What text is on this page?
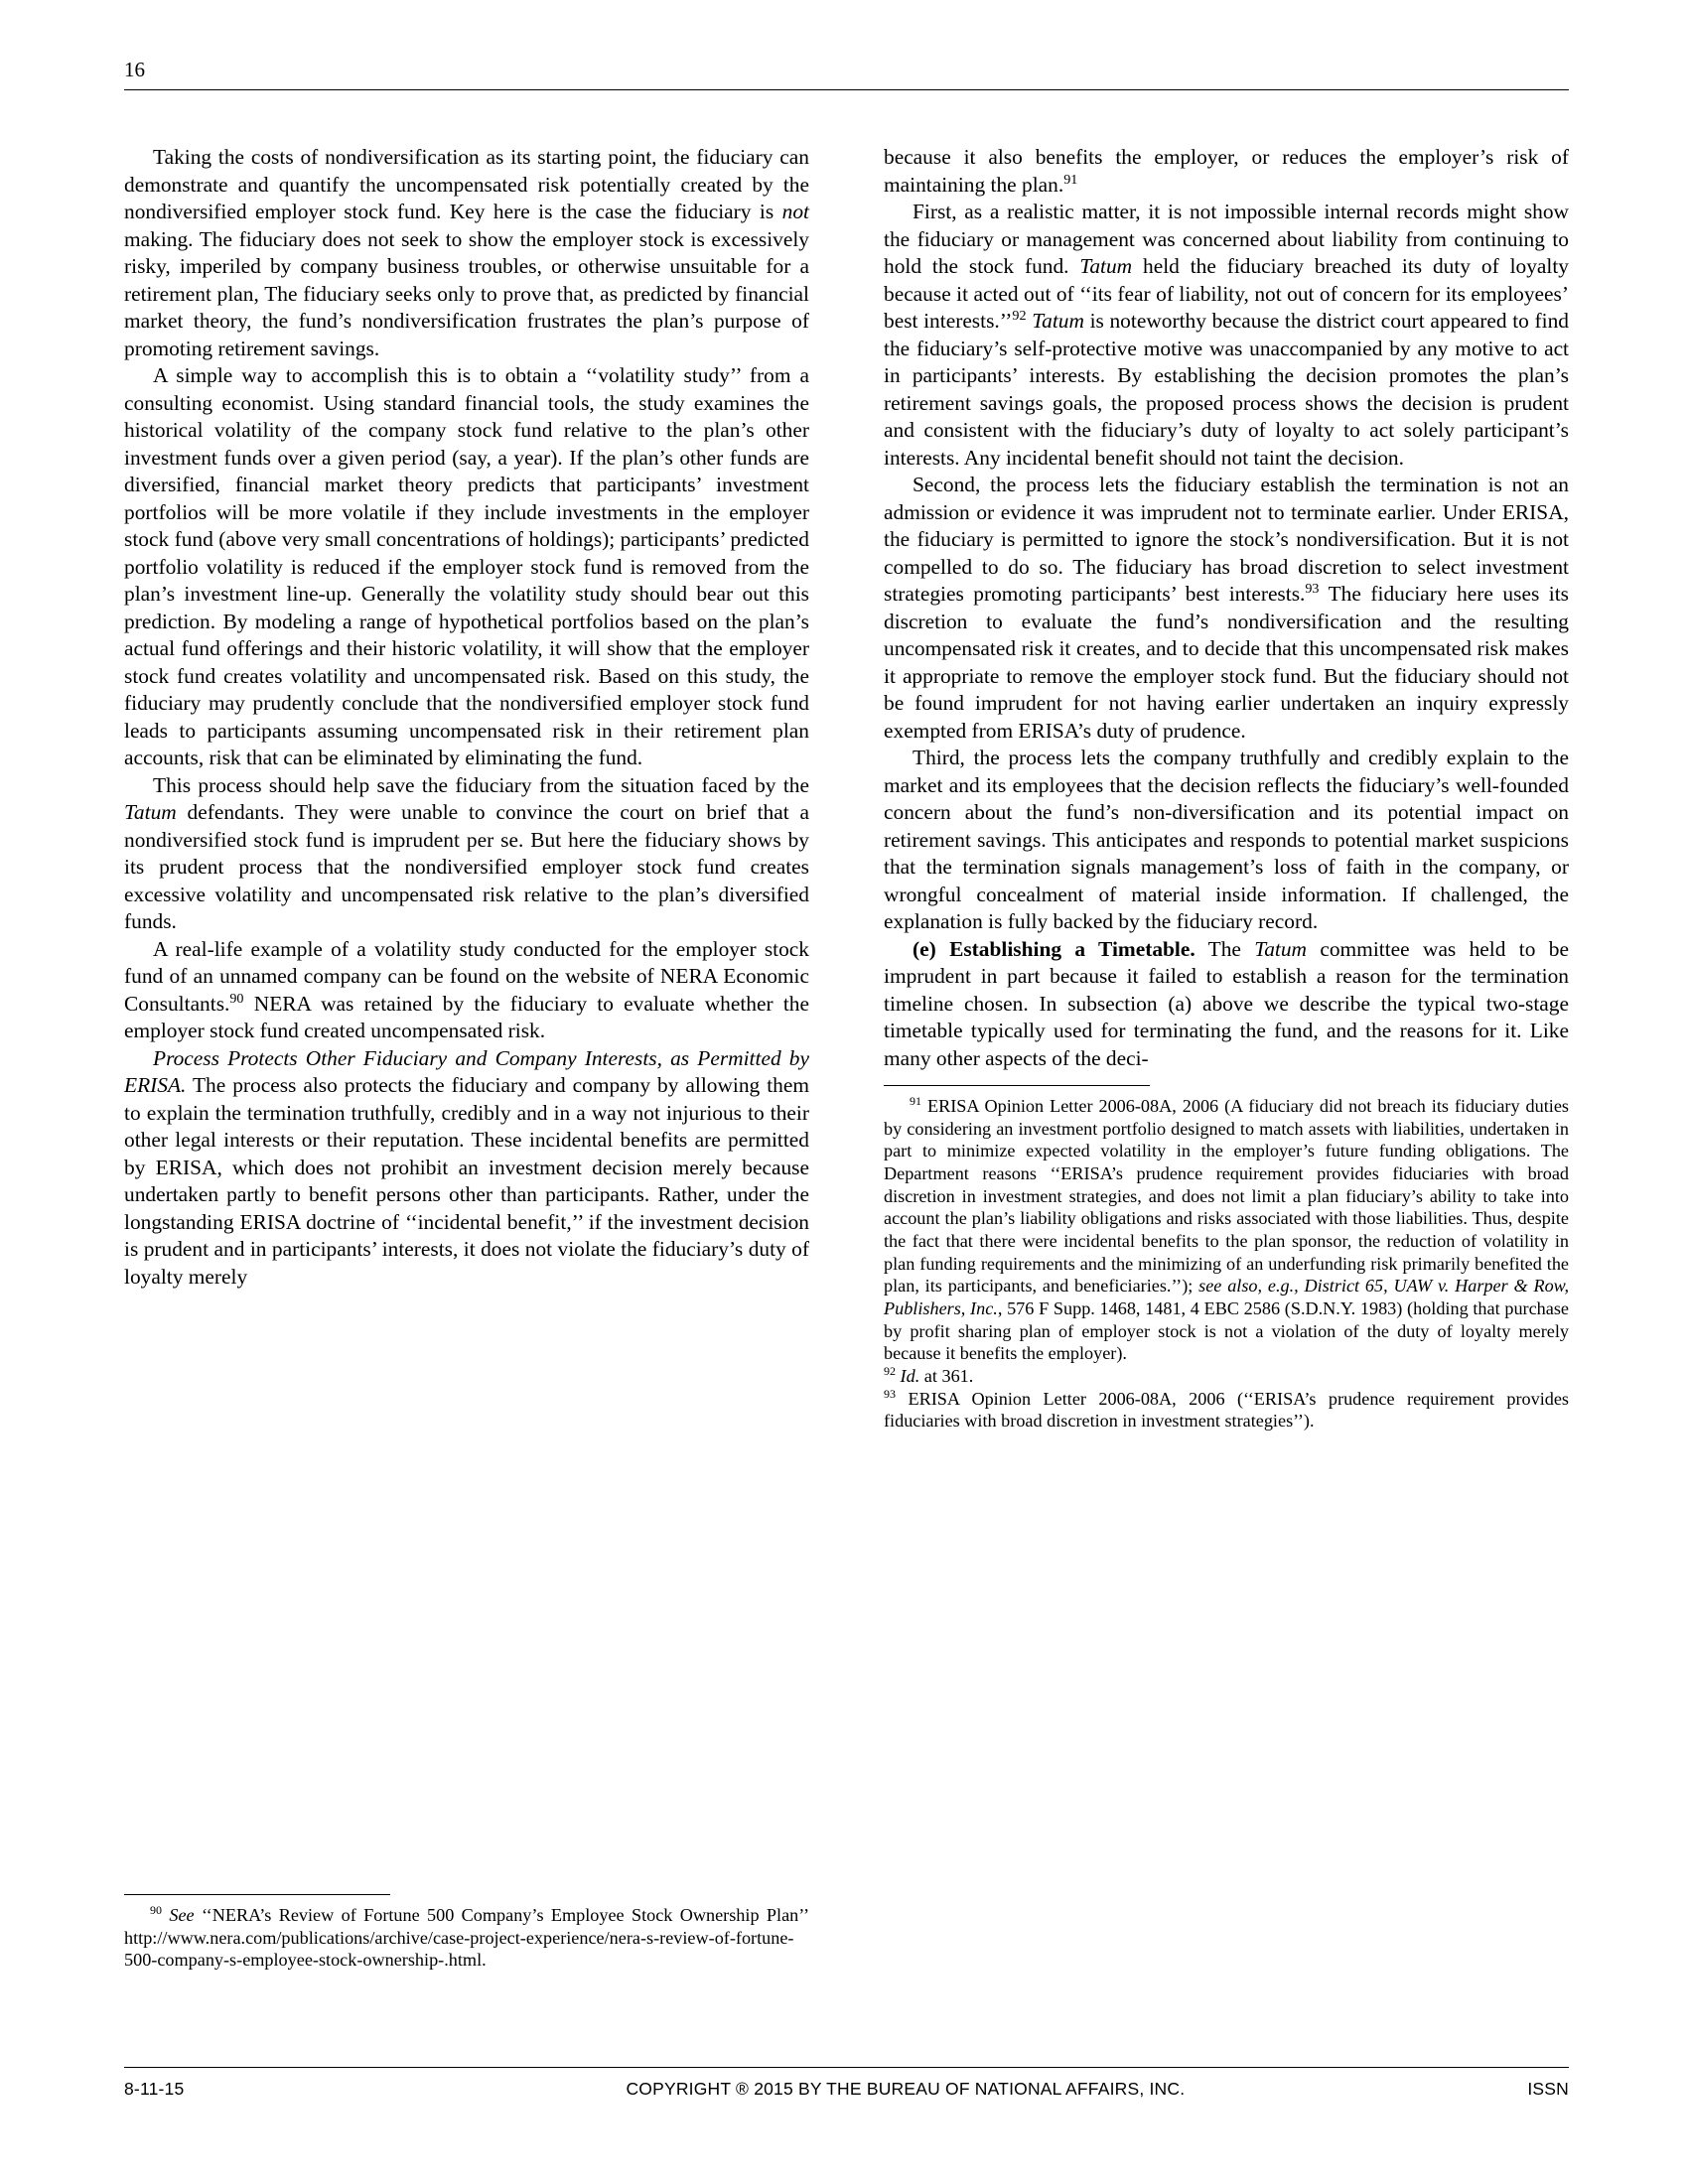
16

Taking the costs of nondiversification as its starting point, the fiduciary can demonstrate and quantify the uncompensated risk potentially created by the nondiversified employer stock fund. Key here is the case the fiduciary is not making. The fiduciary does not seek to show the employer stock is excessively risky, imperiled by company business troubles, or otherwise unsuitable for a retirement plan, The fiduciary seeks only to prove that, as predicted by financial market theory, the fund’s nondiversification frustrates the plan’s purpose of promoting retirement savings.

A simple way to accomplish this is to obtain a ‘‘volatility study’’ from a consulting economist. Using standard financial tools, the study examines the historical volatility of the company stock fund relative to the plan’s other investment funds over a given period (say, a year). If the plan’s other funds are diversified, financial market theory predicts that participants’ investment portfolios will be more volatile if they include investments in the employer stock fund (above very small concentrations of holdings); participants’ predicted portfolio volatility is reduced if the employer stock fund is removed from the plan’s investment line-up. Generally the volatility study should bear out this prediction. By modeling a range of hypothetical portfolios based on the plan’s actual fund offerings and their historic volatility, it will show that the employer stock fund creates volatility and uncompensated risk. Based on this study, the fiduciary may prudently conclude that the nondiversified employer stock fund leads to participants assuming uncompensated risk in their retirement plan accounts, risk that can be eliminated by eliminating the fund.

This process should help save the fiduciary from the situation faced by the Tatum defendants. They were unable to convince the court on brief that a nondiversified stock fund is imprudent per se. But here the fiduciary shows by its prudent process that the nondiversified employer stock fund creates excessive volatility and uncompensated risk relative to the plan’s diversified funds.

A real-life example of a volatility study conducted for the employer stock fund of an unnamed company can be found on the website of NERA Economic Consultants.$^{90}$ NERA was retained by the fiduciary to evaluate whether the employer stock fund created uncompensated risk.

Process Protects Other Fiduciary and Company Interests, as Permitted by ERISA. The process also protects the fiduciary and company by allowing them to explain the termination truthfully, credibly and in a way not injurious to their other legal interests or their reputation. These incidental benefits are permitted by ERISA, which does not prohibit an investment decision merely because undertaken partly to benefit persons other than participants. Rather, under the longstanding ERISA doctrine of ‘‘incidental benefit,’’ if the investment decision is prudent and in participants’ interests, it does not violate the fiduciary’s duty of loyalty merely

because it also benefits the employer, or reduces the employer’s risk of maintaining the plan.$^{91}$

First, as a realistic matter, it is not impossible internal records might show the fiduciary or management was concerned about liability from continuing to hold the stock fund. Tatum held the fiduciary breached its duty of loyalty because it acted out of ‘‘its fear of liability, not out of concern for its employees’ best interests.’’$^{92}$ Tatum is noteworthy because the district court appeared to find the fiduciary’s self-protective motive was unaccompanied by any motive to act in participants’ interests. By establishing the decision promotes the plan’s retirement savings goals, the proposed process shows the decision is prudent and consistent with the fiduciary’s duty of loyalty to act solely participant’s interests. Any incidental benefit should not taint the decision.

Second, the process lets the fiduciary establish the termination is not an admission or evidence it was imprudent not to terminate earlier. Under ERISA, the fiduciary is permitted to ignore the stock’s nondiversification. But it is not compelled to do so. The fiduciary has broad discretion to select investment strategies promoting participants’ best interests.$^{93}$ The fiduciary here uses its discretion to evaluate the fund’s nondiversification and the resulting uncompensated risk it creates, and to decide that this uncompensated risk makes it appropriate to remove the employer stock fund. But the fiduciary should not be found imprudent for not having earlier undertaken an inquiry expressly exempted from ERISA’s duty of prudence.

Third, the process lets the company truthfully and credibly explain to the market and its employees that the decision reflects the fiduciary’s well-founded concern about the fund’s non-diversification and its potential impact on retirement savings. This anticipates and responds to potential market suspicions that the termination signals management’s loss of faith in the company, or wrongful concealment of material inside information. If challenged, the explanation is fully backed by the fiduciary record.

(e) Establishing a Timetable. The Tatum committee was held to be imprudent in part because it failed to establish a reason for the termination timeline chosen. In subsection (a) above we describe the typical two-stage timetable typically used for terminating the fund, and the reasons for it. Like many other aspects of the deci-

$^{91}$ ERISA Opinion Letter 2006-08A, 2006 (A fiduciary did not breach its fiduciary duties by considering an investment portfolio designed to match assets with liabilities, undertaken in part to minimize expected volatility in the employer’s future funding obligations. The Department reasons ‘‘ERISA’s prudence requirement provides fiduciaries with broad discretion in investment strategies, and does not limit a plan fiduciary’s ability to take into account the plan’s liability obligations and risks associated with those liabilities. Thus, despite the fact that there were incidental benefits to the plan sponsor, the reduction of volatility in plan funding requirements and the minimizing of an underfunding risk primarily benefited the plan, its participants, and beneficiaries.’’); see also, e.g., District 65, UAW v. Harper & Row, Publishers, Inc., 576 F Supp. 1468, 1481, 4 EBC 2586 (S.D.N.Y. 1983) (holding that purchase by profit sharing plan of employer stock is not a violation of the duty of loyalty merely because it benefits the employer).

$^{92}$ Id. at 361.

$^{93}$ ERISA Opinion Letter 2006-08A, 2006 (‘‘ERISA’s prudence requirement provides fiduciaries with broad discretion in investment strategies’’).

$^{90}$ See ‘‘NERA’s Review of Fortune 500 Company’s Employee Stock Ownership Plan’’ http://www.nera.com/publications/archive/case-project-experience/nera-s-review-of-fortune-500-company-s-employee-stock-ownership-.html.

8-11-15	COPYRIGHT ® 2015 BY THE BUREAU OF NATIONAL AFFAIRS, INC.	ISSN
